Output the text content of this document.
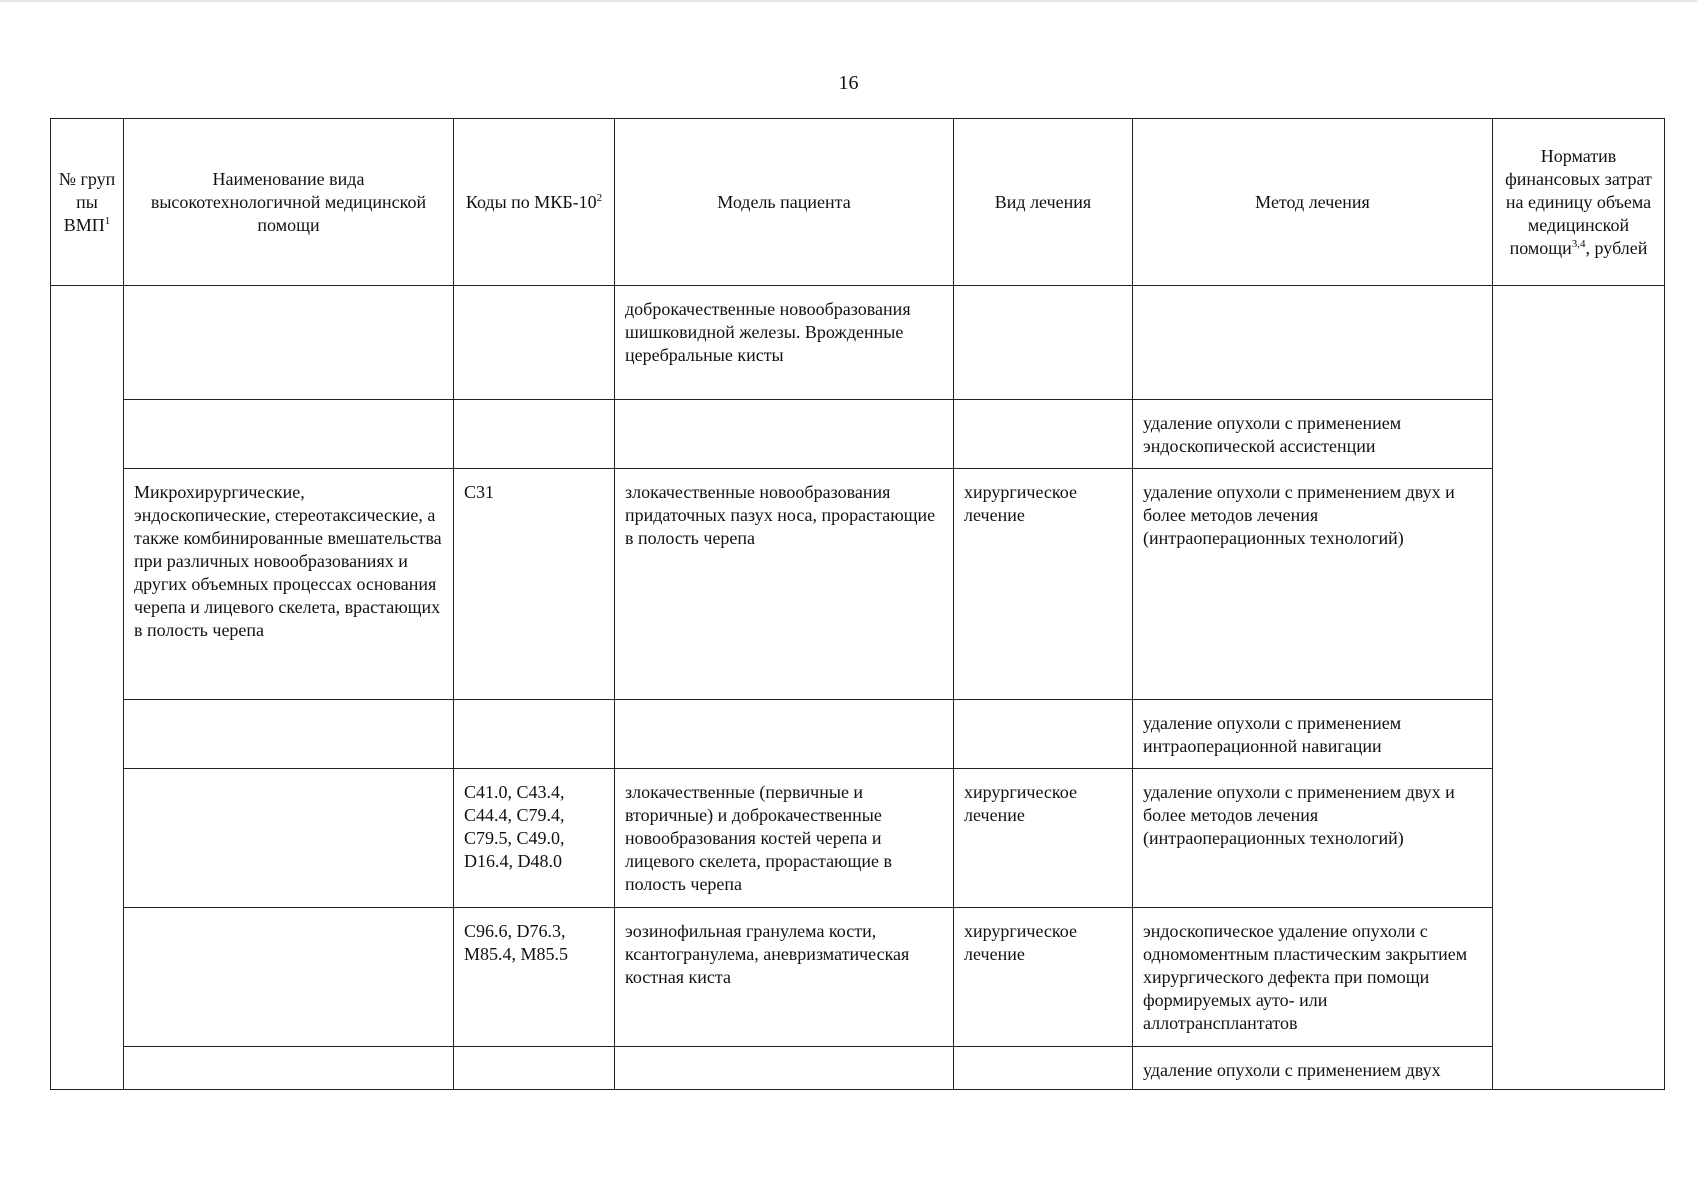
16
№ груп пы ВМП$^1$	Наименование вида высокотехнологичной медицинской помощи	Коды по МКБ-$10^2$	Модель пациента	Вид лечения	Метод лечения	Норматив финансовых затрат на единицу объема медицинской помощи$^{3,4}$, рублей
			доброкачественные новообразования шишковидной железы. Врожденные церебральные кисты			
					удаление опухоли с применением эндоскопической ассистенции	
	Микрохирургические, эндоскопические, стереотаксические, а также комбинированные вмешательства при различных новообразованиях и других объемных процессах основания черепа и лицевого скелета, врастающих в полость черепа	C31	злокачественные новообразования придаточных пазух носа, прорастающие в полость черепа	хирургическое лечение	удаление опухоли с применением двух и более методов лечения (интраоперационных технологий)	
					удаление опухоли с применением интраоперационной навигации	
		C41.0, C43.4, C44.4, C79.4, C79.5, C49.0, D16.4, D48.0	злокачественные (первичные и вторичные) и доброкачественные новообразования костей черепа и лицевого скелета, прорастающие в полость черепа	хирургическое лечение	удаление опухоли с применением двух и более методов лечения (интраоперационных технологий)	
		C96.6, D76.3, M85.4, M85.5	эозинофильная гранулема кости, ксантогранулема, аневризматическая костная киста	хирургическое лечение	эндоскопическое удаление опухоли с одномоментным пластическим закрытием хирургического дефекта при помощи формируемых ауто- или аллотрансплантатов	
					удаление опухоли с применением двух	
